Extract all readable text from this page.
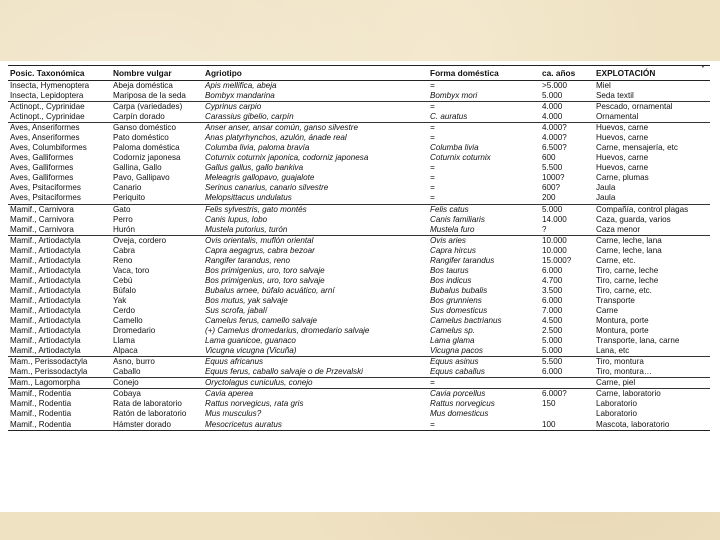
•
Posic. Taxonómica	Nombre vulgar	Agriotipo	Forma doméstica	ca. años	EXPLOTACIÓN
Insecta, Hymenoptera	Abeja doméstica	Apis mellifica, abeja	=	>5.000	Miel
Insecta, Lepidoptera	Mariposa de la seda	Bombyx mandarina	Bombyx mori	5.000	Seda textil
Actinopt., Cyprinidae	Carpa (variedades)	Cyprinus carpio	=	4.000	Pescado, ornamental
Actinopt., Cyprinidae	Carpín dorado	Carassius gibelio, carpín	C. auratus	4.000	Ornamental
Aves, Anseriformes	Ganso doméstico	Anser anser, ansar común, ganso silvestre	=	4.000?	Huevos, carne
Aves, Anseriformes	Pato doméstico	Anas platyrhynchos, azulón, ánade real	=	4.000?	Huevos, carne
Aves, Columbiformes	Paloma doméstica	Columba livia, paloma bravía	Columba livia	6.500?	Carne, mensajería, etc
Aves, Galliformes	Codorniz japonesa	Coturnix coturnix japonica, codorniz japonesa	Coturnix coturnix	600	Huevos, carne
Aves, Galliformes	Gallina, Gallo	Gallus gallus, gallo bankiva	=	5.500	Huevos, carne
Aves, Galliformes	Pavo, Gallipavo	Meleagris gallopavo, guajalote	=	1000?	Carne, plumas
Aves, Psitaciformes	Canario	Serinus canarius, canario silvestre	=	600?	Jaula
Aves, Psitaciformes	Periquito	Melopsittacus undulatus	=	200	Jaula
Mamif., Carnivora	Gato	Felis sylvestris, gato montés	Felis catus	5.000	Compañía, control plagas
Mamif., Carnivora	Perro	Canis lupus, lobo	Canis familiaris	14.000	Caza, guarda, varios
Mamif., Carnivora	Hurón	Mustela putorius, turón	Mustela furo	?	Caza menor
Mamif., Artiodactyla	Oveja, cordero	Ovis orientalis, muflón oriental	Ovis aries	10.000	Carne, leche, lana
Mamif., Artiodactyla	Cabra	Capra aegagrus, cabra bezoar	Capra hircus	10.000	Carne, leche, lana
Mamif., Artiodactyla	Reno	Rangifer tarandus, reno	Rangifer tarandus	15.000?	Carne, etc.
Mamif., Artiodactyla	Vaca, toro	Bos primigenius, uro, toro salvaje	Bos taurus	6.000	Tiro, carne, leche
Mamif., Artiodactyla	Cebú	Bos primigenius, uro, toro salvaje	Bos indicus	4.700	Tiro, carne, leche
Mamif., Artiodactyla	Búfalo	Bubalus arnee, búfalo acuático, arní	Bubalus bubalis	3.500	Tiro, carne, etc.
Mamif., Artiodactyla	Yak	Bos mutus, yak salvaje	Bos grunniens	6.000	Transporte
Mamif., Artiodactyla	Cerdo	Sus scrofa, jabalí	Sus domesticus	7.000	Carne
Mamif., Artiodactyla	Camello	Camelus ferus, camello salvaje	Camelus bactrianus	4.500	Montura, porte
Mamif., Artiodactyla	Dromedario	(+) Camelus dromedarius, dromedario salvaje	Camelus sp.	2.500	Montura, porte
Mamif., Artiodactyla	Llama	Lama guanicoe, guanaco	Lama glama	5.000	Transporte, lana, carne
Mamif., Artiodactyla	Alpaca	Vicugna vicugna (Vicuña)	Vicugna pacos	5.000	Lana, etc
Mam., Perissodactyla	Asno, burro	Equus africanus	Equus asinus	5.500	Tiro, montura
Mam., Perissodactyla	Caballo	Equus ferus, caballo salvaje o de Przevalski	Equus caballus	6.000	Tiro, montura…
Mam., Lagomorpha	Conejo	Oryctolagus cuniculus, conejo	=		Carne, piel
Mamif., Rodentia	Cobaya	Cavia aperea	Cavia porcellus	6.000?	Carne, laboratorio
Mamif., Rodentia	Rata de laboratorio	Rattus norvegicus, rata gris	Rattus norvegicus	150	Laboratorio
Mamif., Rodentia	Ratón de laboratorio	Mus musculus?	Mus domesticus		Laboratorio
Mamif., Rodentia	Hámster dorado	Mesocricetus auratus	=	100	Mascota, laboratorio
